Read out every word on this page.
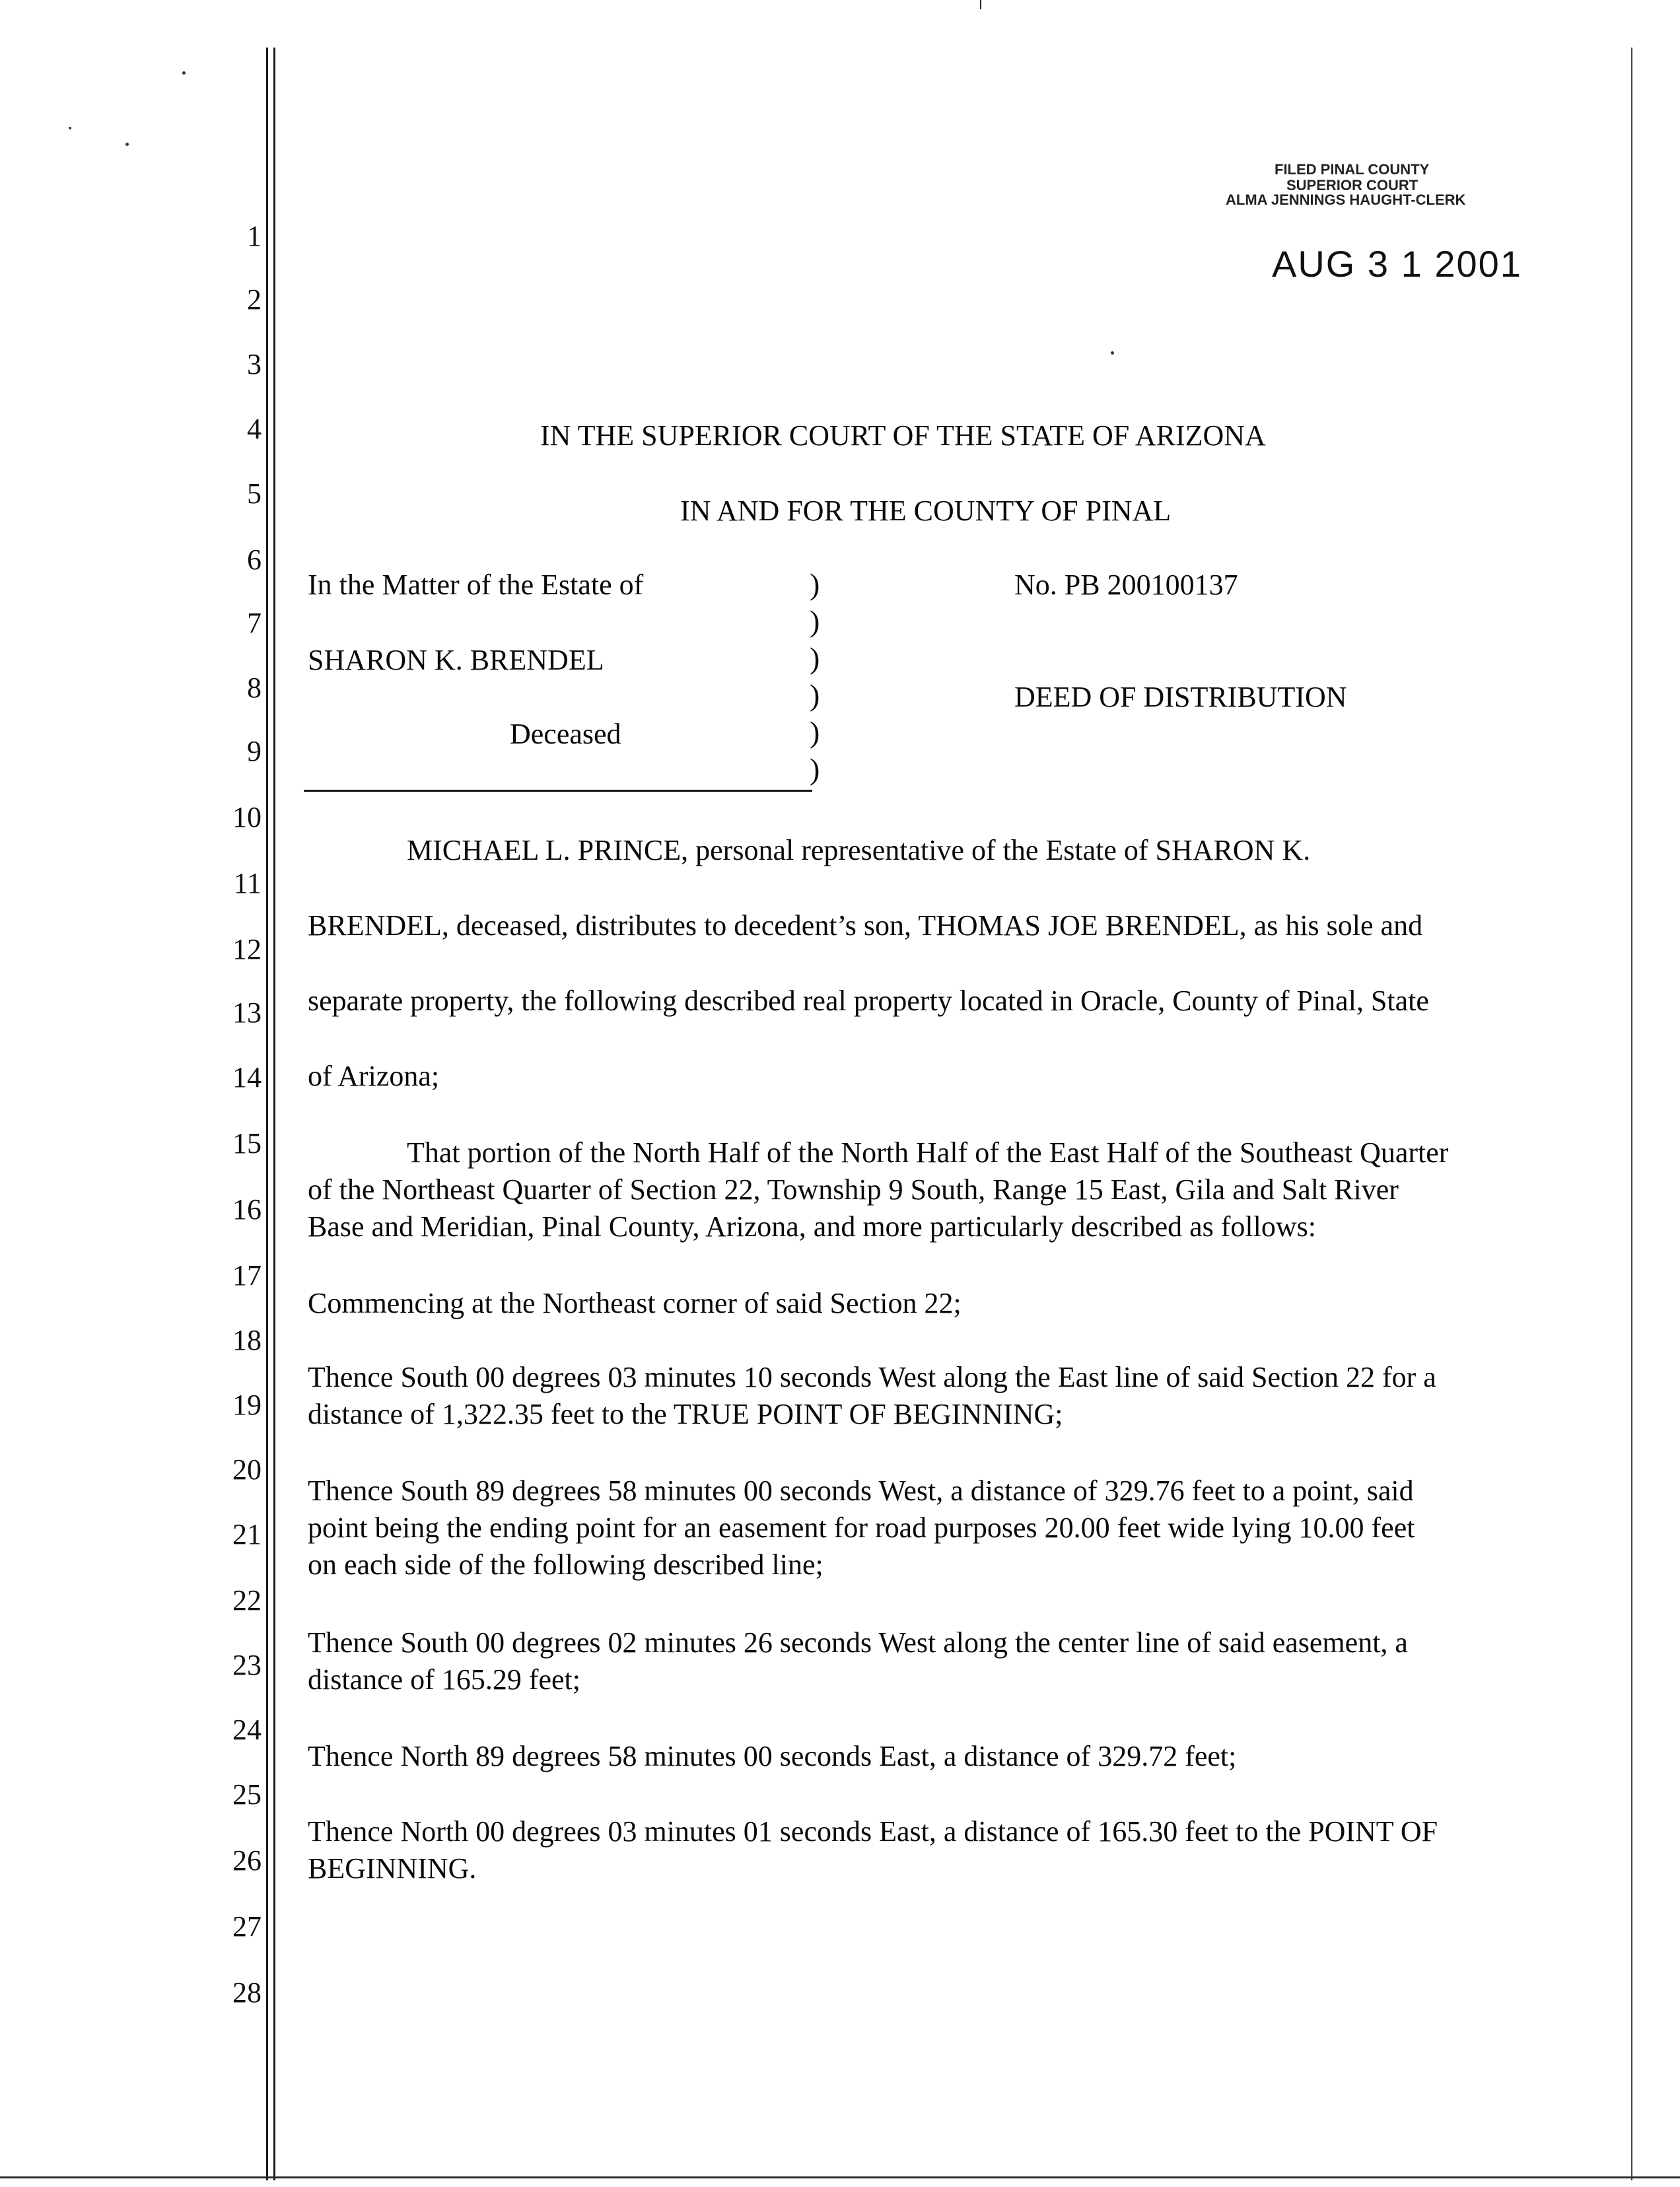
FILED PINAL COUNTY
SUPERIOR COURT
ALMA JENNINGS HAUGHT-CLERK
AUG 3 1 2001
1
2
3
4
5
6
7
8
9
10
11
12
13
14
15
16
17
18
19
20
21
22
23
24
25
26
27
28
IN THE SUPERIOR COURT OF THE STATE OF ARIZONA
IN AND FOR THE COUNTY OF PINAL
In the Matter of the Estate of
SHARON K. BRENDEL
Deceased
)
)
)
)
)
)
No. PB 200100137
DEED OF DISTRIBUTION
MICHAEL L. PRINCE, personal representative of the Estate of SHARON K.
BRENDEL, deceased, distributes to decedent’s son, THOMAS JOE BRENDEL, as his sole and
separate property, the following described real property located in Oracle, County of Pinal, State
of Arizona;
That portion of the North Half of the North Half of the East Half of the Southeast Quarter
of the Northeast Quarter of Section 22, Township 9 South, Range 15 East, Gila and Salt River
Base and Meridian, Pinal County, Arizona, and more particularly described as follows:
Commencing at the Northeast corner of said Section 22;
Thence South 00 degrees 03 minutes 10 seconds West along the East line of said Section 22 for a
distance of 1,322.35 feet to the TRUE POINT OF BEGINNING;
Thence South 89 degrees 58 minutes 00 seconds West, a distance of 329.76 feet to a point, said
point being the ending point for an easement for road purposes 20.00 feet wide lying 10.00 feet
on each side of the following described line;
Thence South 00 degrees 02 minutes 26 seconds West along the center line of said easement, a
distance of 165.29 feet;
Thence North 89 degrees 58 minutes 00 seconds East, a distance of 329.72 feet;
Thence North 00 degrees 03 minutes 01 seconds East, a distance of 165.30 feet to the POINT OF
BEGINNING.
